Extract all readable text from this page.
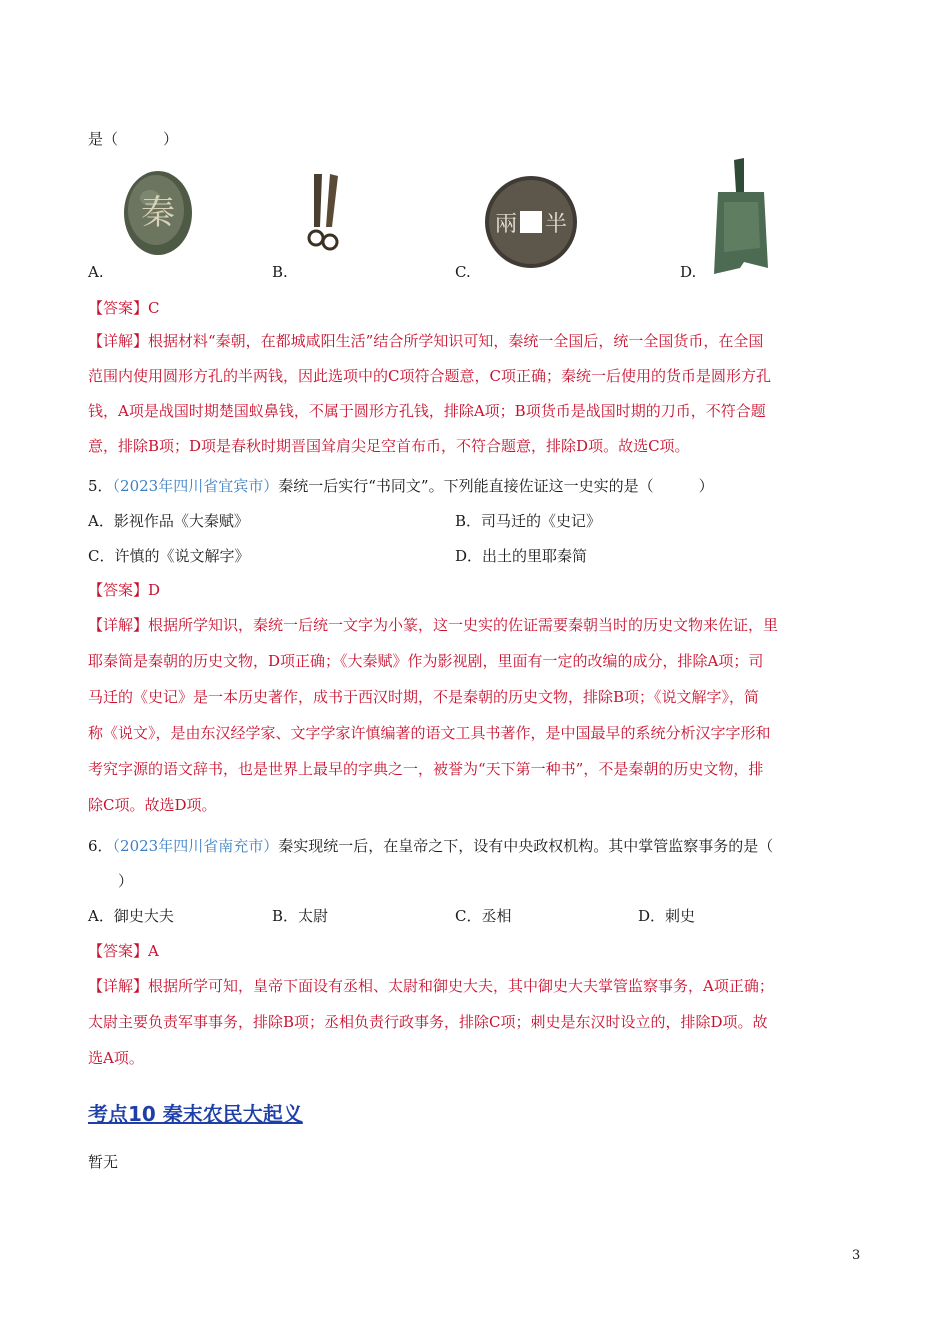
是（　　　）
秦	兩 半
A.	B.	C.	D.
【答案】C
【详解】根据材料“秦朝，在都城咸阳生活”结合所学知识可知，秦统一全国后，统一全国货币，在全国
范围内使用圆形方孔的半两钱，因此选项中的C项符合题意，C项正确；秦统一后使用的货币是圆形方孔
钱，A项是战国时期楚国蚁鼻钱，不属于圆形方孔钱，排除A项；B项货币是战国时期的刀币，不符合题
意，排除B项；D项是春秋时期晋国耸肩尖足空首布币，不符合题意，排除D项。故选C项。
5．（2023年四川省宜宾市）秦统一后实行“书同文”。下列能直接佐证这一史实的是（　　　）
A．影视作品《大秦赋》	B．司马迁的《史记》
C．许慎的《说文解字》	D．出土的里耶秦简
【答案】D
【详解】根据所学知识，秦统一后统一文字为小篆，这一史实的佐证需要秦朝当时的历史文物来佐证，里
耶秦简是秦朝的历史文物，D项正确；《大秦赋》作为影视剧，里面有一定的改编的成分，排除A项；司
马迁的《史记》是一本历史著作，成书于西汉时期，不是秦朝的历史文物，排除B项；《说文解字》，简
称《说文》，是由东汉经学家、文字学家许慎编著的语文工具书著作，是中国最早的系统分析汉字字形和
考究字源的语文辞书，也是世界上最早的字典之一，被誉为“天下第一种书”，不是秦朝的历史文物，排
除C项。故选D项。
6．（2023年四川省南充市）秦实现统一后，在皇帝之下，设有中央政权机构。其中掌管监察事务的是（
）
A．御史大夫	B．太尉	C．丞相	D．刺史
【答案】A
【详解】根据所学可知，皇帝下面设有丞相、太尉和御史大夫，其中御史大夫掌管监察事务，A项正确；
太尉主要负责军事事务，排除B项；丞相负责行政事务，排除C项；刺史是东汉时设立的，排除D项。故
选A项。
考点10 秦末农民大起义
暂无
3
